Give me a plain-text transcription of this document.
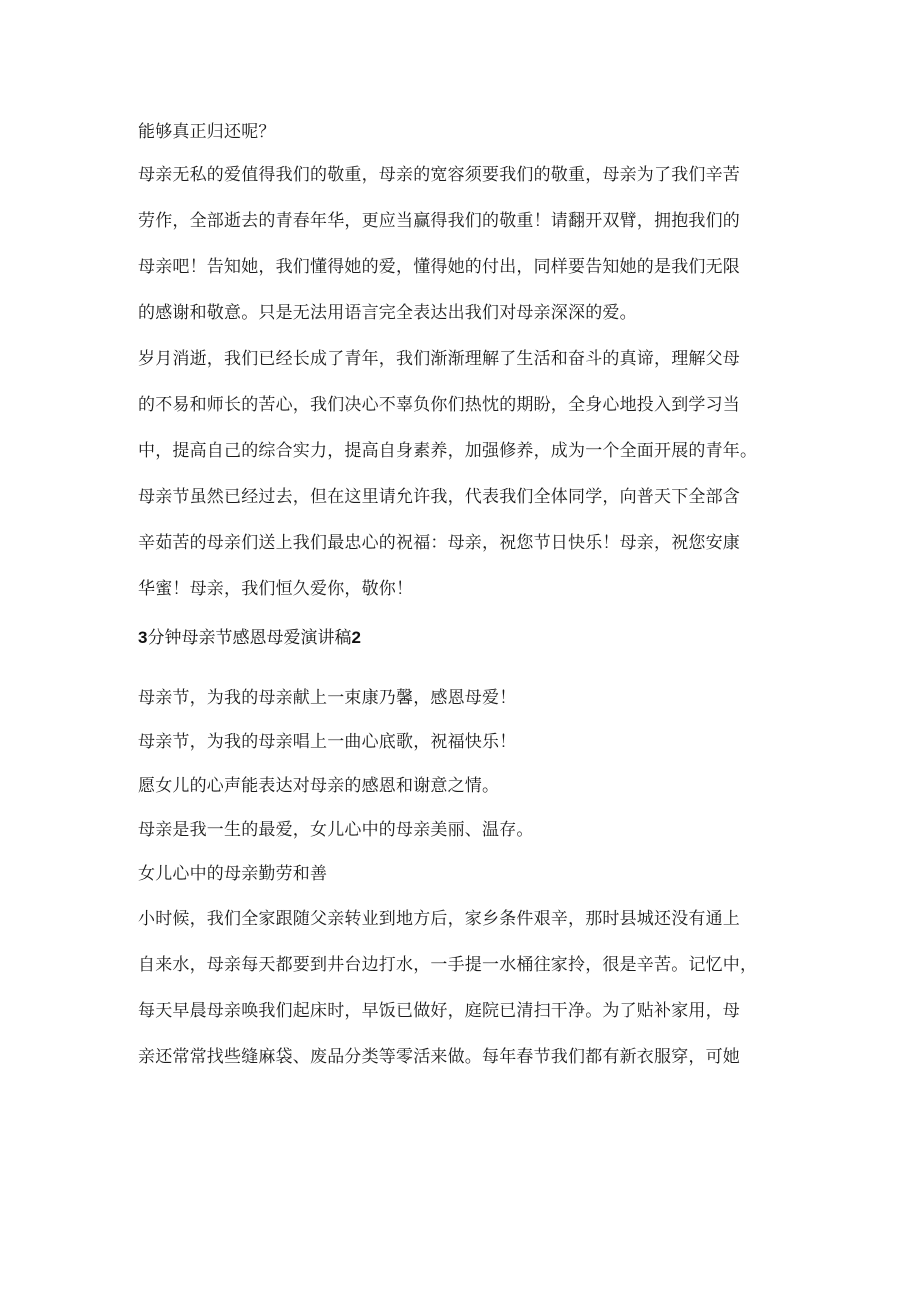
能够真正归还呢？
母亲无私的爱值得我们的敬重，母亲的宽容须要我们的敬重，母亲为了我们辛苦
劳作，全部逝去的青春年华，更应当赢得我们的敬重！请翻开双臂，拥抱我们的
母亲吧！告知她，我们懂得她的爱，懂得她的付出，同样要告知她的是我们无限
的感谢和敬意。只是无法用语言完全表达出我们对母亲深深的爱。
岁月消逝，我们已经长成了青年，我们渐渐理解了生活和奋斗的真谛，理解父母
的不易和师长的苦心，我们决心不辜负你们热忱的期盼，全身心地投入到学习当
中，提高自己的综合实力，提高自身素养，加强修养，成为一个全面开展的青年。
母亲节虽然已经过去，但在这里请允许我，代表我们全体同学，向普天下全部含
辛茹苦的母亲们送上我们最忠心的祝福：母亲，祝您节日快乐！母亲，祝您安康
华蜜！母亲，我们恒久爱你，敬你！
3分钟母亲节感恩母爱演讲稿2
母亲节，为我的母亲献上一束康乃馨，感恩母爱！
母亲节，为我的母亲唱上一曲心底歌，祝福快乐！
愿女儿的心声能表达对母亲的感恩和谢意之情。
母亲是我一生的最爱，女儿心中的母亲美丽、温存。
女儿心中的母亲勤劳和善
小时候，我们全家跟随父亲转业到地方后，家乡条件艰辛，那时县城还没有通上
自来水，母亲每天都要到井台边打水，一手提一水桶往家拎，很是辛苦。记忆中，
每天早晨母亲唤我们起床时，早饭已做好，庭院已清扫干净。为了贴补家用，母
亲还常常找些缝麻袋、废品分类等零活来做。每年春节我们都有新衣服穿，可她
